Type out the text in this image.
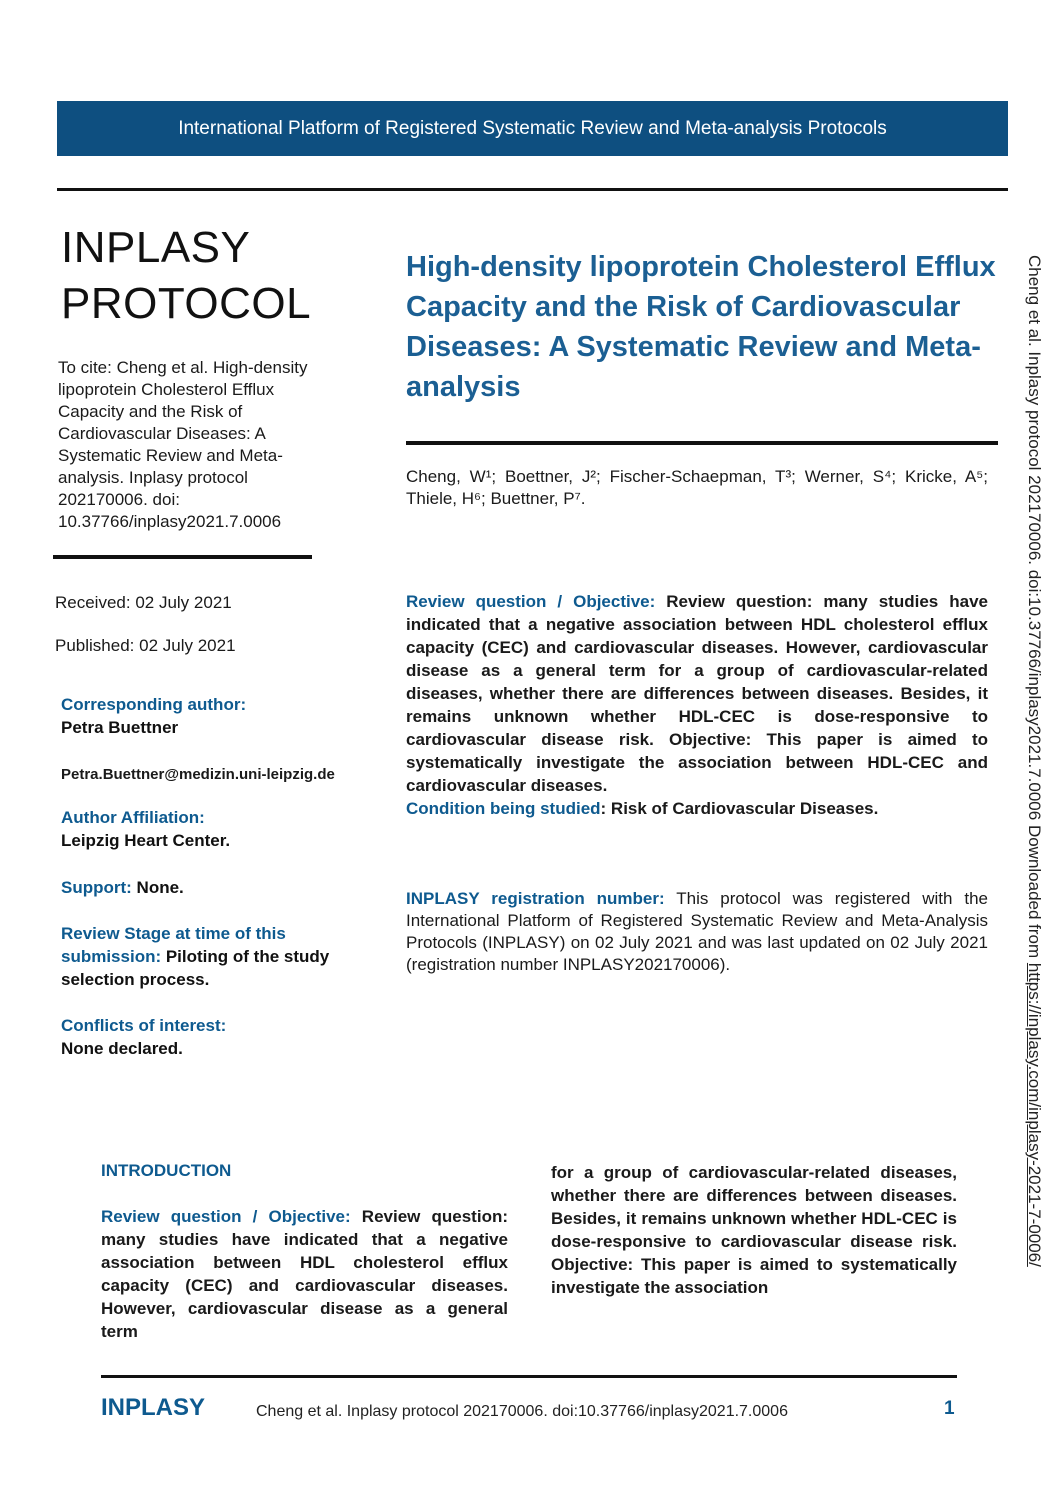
International Platform of Registered Systematic Review and Meta-analysis Protocols
INPLASY
PROTOCOL
To cite: Cheng et al. High-density lipoprotein Cholesterol Efflux Capacity and the Risk of Cardiovascular Diseases: A Systematic Review and Meta-analysis. Inplasy protocol 202170006. doi: 10.37766/inplasy2021.7.0006
Received: 02 July 2021
Published: 02 July 2021
Corresponding author:
Petra Buettner
Petra.Buettner@medizin.uni-leipzig.de
Author Affiliation:
Leipzig Heart Center.
Support: None.
Review Stage at time of this submission: Piloting of the study selection process.
Conflicts of interest:
None declared.
High-density lipoprotein Cholesterol Efflux Capacity and the Risk of Cardiovascular Diseases: A Systematic Review and Meta-analysis
Cheng, W¹; Boettner, J²; Fischer-Schaepman, T³; Werner, S⁴; Kricke, A⁵; Thiele, H⁶; Buettner, P⁷.
Review question / Objective: Review question: many studies have indicated that a negative association between HDL cholesterol efflux capacity (CEC) and cardiovascular diseases. However, cardiovascular disease as a general term for a group of cardiovascular-related diseases, whether there are differences between diseases. Besides, it remains unknown whether HDL-CEC is dose-responsive to cardiovascular disease risk. Objective: This paper is aimed to systematically investigate the association between HDL-CEC and cardiovascular diseases.
Condition being studied: Risk of Cardiovascular Diseases.
INPLASY registration number: This protocol was registered with the International Platform of Registered Systematic Review and Meta-Analysis Protocols (INPLASY) on 02 July 2021 and was last updated on 02 July 2021 (registration number INPLASY202170006).
INTRODUCTION
Review question / Objective: Review question: many studies have indicated that a negative association between HDL cholesterol efflux capacity (CEC) and cardiovascular diseases. However, cardiovascular disease as a general term
for a group of cardiovascular-related diseases, whether there are differences between diseases. Besides, it remains unknown whether HDL-CEC is dose-responsive to cardiovascular disease risk. Objective: This paper is aimed to systematically investigate the association
INPLASY	Cheng et al. Inplasy protocol 202170006. doi:10.37766/inplasy2021.7.0006	1
Cheng et al. Inplasy protocol 202170006. doi:10.37766/inplasy2021.7.0006 Downloaded from https://inplasy.com/inplasy-2021-7-0006/
